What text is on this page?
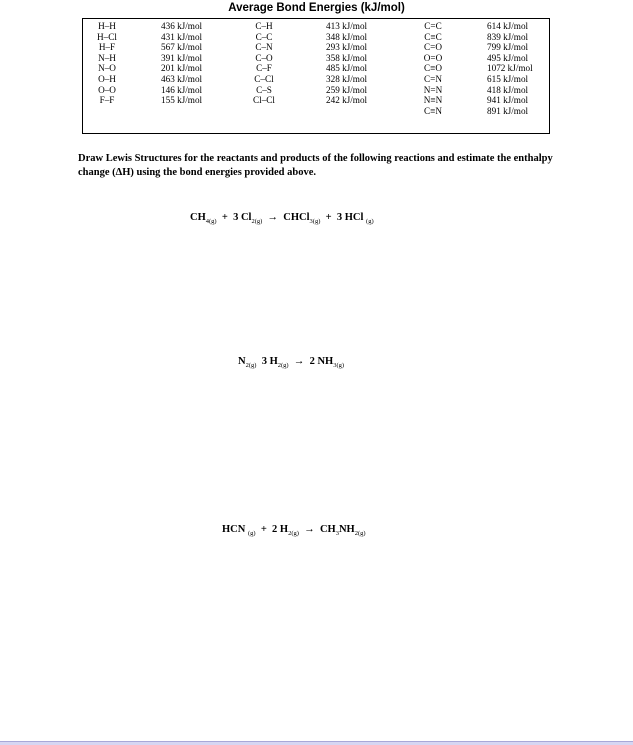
Average Bond Energies (kJ/mol)
H–H
H–Cl
H–F
N–H
N–O
O–H
O–O
F–F
436 kJ/mol
431 kJ/mol
567 kJ/mol
391 kJ/mol
201 kJ/mol
463 kJ/mol
146 kJ/mol
155 kJ/mol
C–H
C–C
C–N
C–O
C–F
C–Cl
C–S
Cl–Cl
413 kJ/mol
348 kJ/mol
293 kJ/mol
358 kJ/mol
485 kJ/mol
328 kJ/mol
259 kJ/mol
242 kJ/mol
C=C
C≡C
C=O
O=O
C≡O
C=N
N=N
N≡N
C≡N
614 kJ/mol
839 kJ/mol
799 kJ/mol
495 kJ/mol
1072 kJ/mol
615 kJ/mol
418 kJ/mol
941 kJ/mol
891 kJ/mol
Draw Lewis Structures for the reactants and products of the following reactions and estimate the enthalpy change (ΔH) using the bond energies provided above.
$CH_{4(g)} + 3$ $Cl_{2(g)}$ → CHCl$_{3(g)}$ + 3 HCl $_{(g)}$
$N_{2(g)}$ 3 $H_{2(g)} \to 2$ $NH_{3(g)}$
HCN $_{(g)}$ + 2 $H_{2(g)} \to CH_3NH_{2(g)}$
